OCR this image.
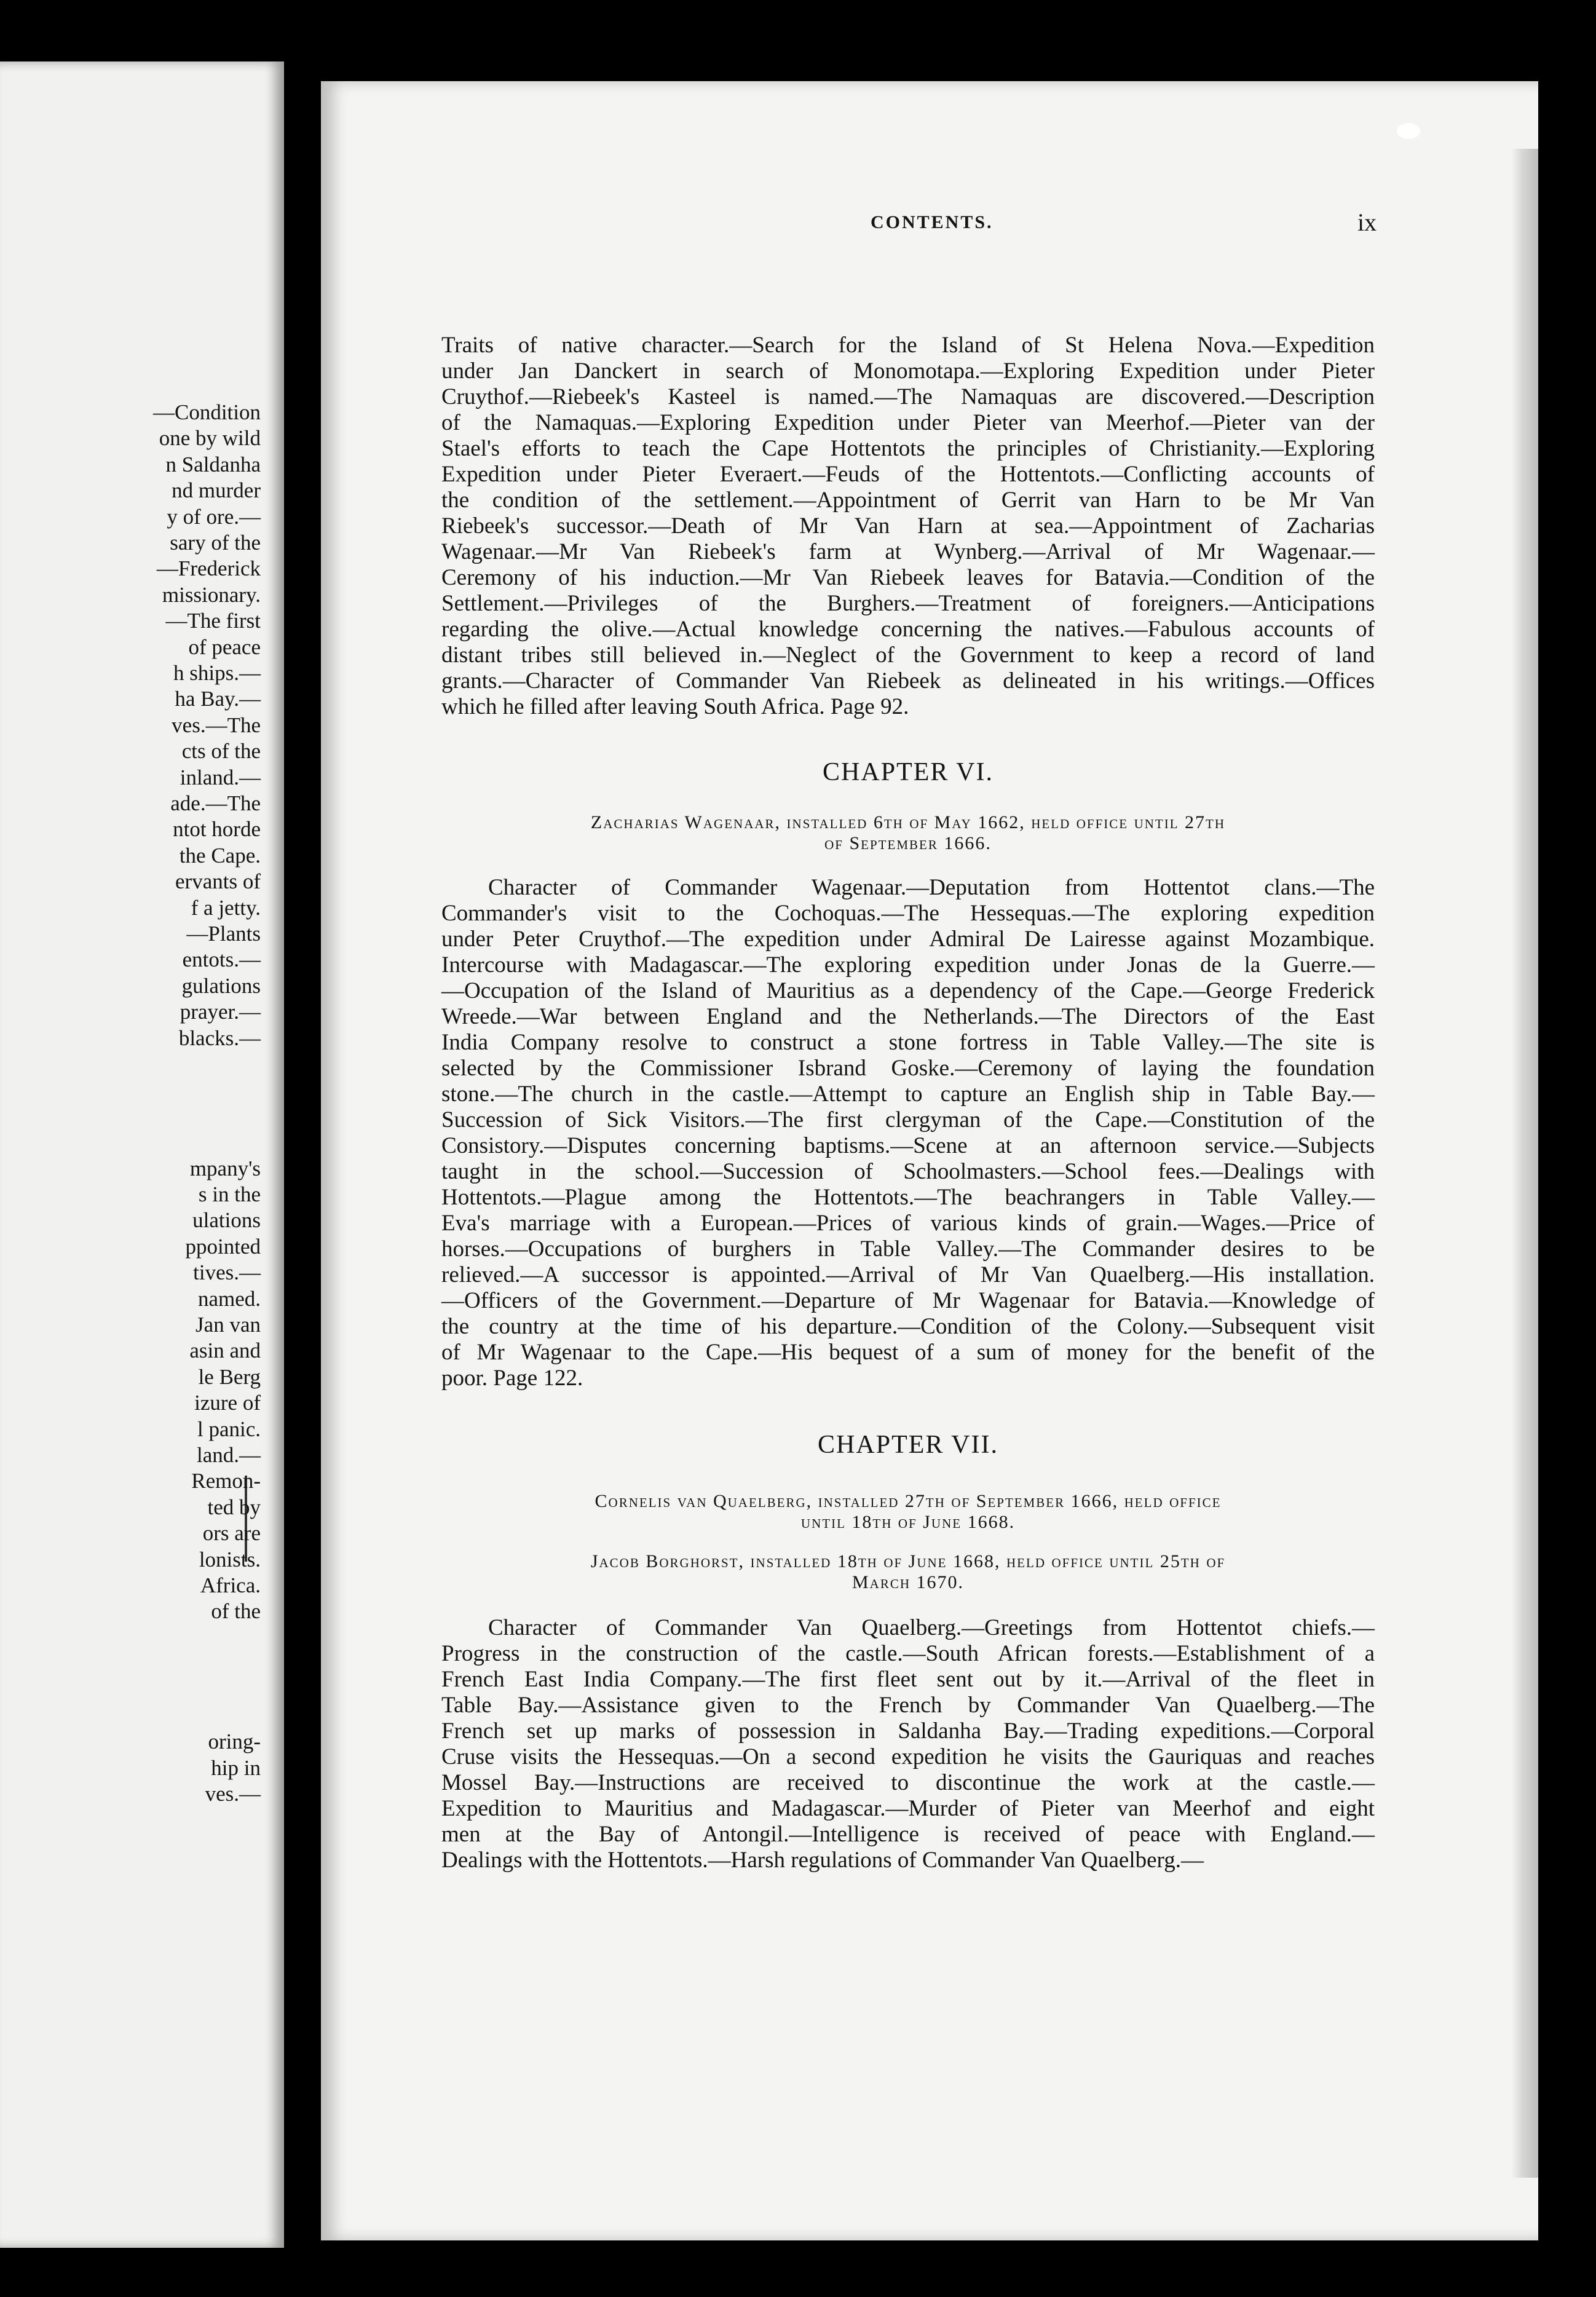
—Condition
one by wild
n Saldanha
nd murder
y of ore.—
sary of the
—Frederick
missionary.
—The first
of peace
h ships.—
ha Bay.—
ves.—The
cts of the
inland.—
ade.—The
ntot horde
the Cape.
ervants of
f a jetty.
—Plants
entots.—
gulations
prayer.—
blacks.—
mpany's
s in the
ulations
ppointed
tives.—
named.
Jan van
asin and
le Berg
izure of
l panic.
land.—
Remon-
ted by
ors are
lonists.
Africa.
of the
oring-
hip in
ves.—
CONTENTS.	ix
Traits of native character.—Search for the Island of St Helena Nova.—Expedition
under Jan Danckert in search of Monomotapa.—Exploring Expedition under Pieter
Cruythof.—Riebeek's Kasteel is named.—The Namaquas are discovered.—Description
of the Namaquas.—Exploring Expedition under Pieter van Meerhof.—Pieter van der
Stael's efforts to teach the Cape Hottentots the principles of Christianity.—Exploring
Expedition under Pieter Everaert.—Feuds of the Hottentots.—Conflicting accounts of
the condition of the settlement.—Appointment of Gerrit van Harn to be Mr Van
Riebeek's successor.—Death of Mr Van Harn at sea.—Appointment of Zacharias
Wagenaar.—Mr Van Riebeek's farm at Wynberg.—Arrival of Mr Wagenaar.—
Ceremony of his induction.—Mr Van Riebeek leaves for Batavia.—Condition of the
Settlement.—Privileges of the Burghers.—Treatment of foreigners.—Anticipations
regarding the olive.—Actual knowledge concerning the natives.—Fabulous accounts of
distant tribes still believed in.—Neglect of the Government to keep a record of land
grants.—Character of Commander Van Riebeek as delineated in his writings.—Offices
which he filled after leaving South Africa. Page 92.
CHAPTER VI.
Zacharias Wagenaar, installed 6th of May 1662, held office until 27th
of September 1666.
Character of Commander Wagenaar.—Deputation from Hottentot clans.—The
Commander's visit to the Cochoquas.—The Hessequas.—The exploring expedition
under Peter Cruythof.—The expedition under Admiral De Lairesse against Mozambique.
Intercourse with Madagascar.—The exploring expedition under Jonas de la Guerre.—
—Occupation of the Island of Mauritius as a dependency of the Cape.—George Frederick
Wreede.—War between England and the Netherlands.—The Directors of the East
India Company resolve to construct a stone fortress in Table Valley.—The site is
selected by the Commissioner Isbrand Goske.—Ceremony of laying the foundation
stone.—The church in the castle.—Attempt to capture an English ship in Table Bay.—
Succession of Sick Visitors.—The first clergyman of the Cape.—Constitution of the
Consistory.—Disputes concerning baptisms.—Scene at an afternoon service.—Subjects
taught in the school.—Succession of Schoolmasters.—School fees.—Dealings with
Hottentots.—Plague among the Hottentots.—The beachrangers in Table Valley.—
Eva's marriage with a European.—Prices of various kinds of grain.—Wages.—Price of
horses.—Occupations of burghers in Table Valley.—The Commander desires to be
relieved.—A successor is appointed.—Arrival of Mr Van Quaelberg.—His installation.
—Officers of the Government.—Departure of Mr Wagenaar for Batavia.—Knowledge of
the country at the time of his departure.—Condition of the Colony.—Subsequent visit
of Mr Wagenaar to the Cape.—His bequest of a sum of money for the benefit of the
poor. Page 122.
CHAPTER VII.
Cornelis van Quaelberg, installed 27th of September 1666, held office
until 18th of June 1668.
Jacob Borghorst, installed 18th of June 1668, held office until 25th of
March 1670.
Character of Commander Van Quaelberg.—Greetings from Hottentot chiefs.—
Progress in the construction of the castle.—South African forests.—Establishment of a
French East India Company.—The first fleet sent out by it.—Arrival of the fleet in
Table Bay.—Assistance given to the French by Commander Van Quaelberg.—The
French set up marks of possession in Saldanha Bay.—Trading expeditions.—Corporal
Cruse visits the Hessequas.—On a second expedition he visits the Gauriquas and reaches
Mossel Bay.—Instructions are received to discontinue the work at the castle.—
Expedition to Mauritius and Madagascar.—Murder of Pieter van Meerhof and eight
men at the Bay of Antongil.—Intelligence is received of peace with England.—
Dealings with the Hottentots.—Harsh regulations of Commander Van Quaelberg.—
